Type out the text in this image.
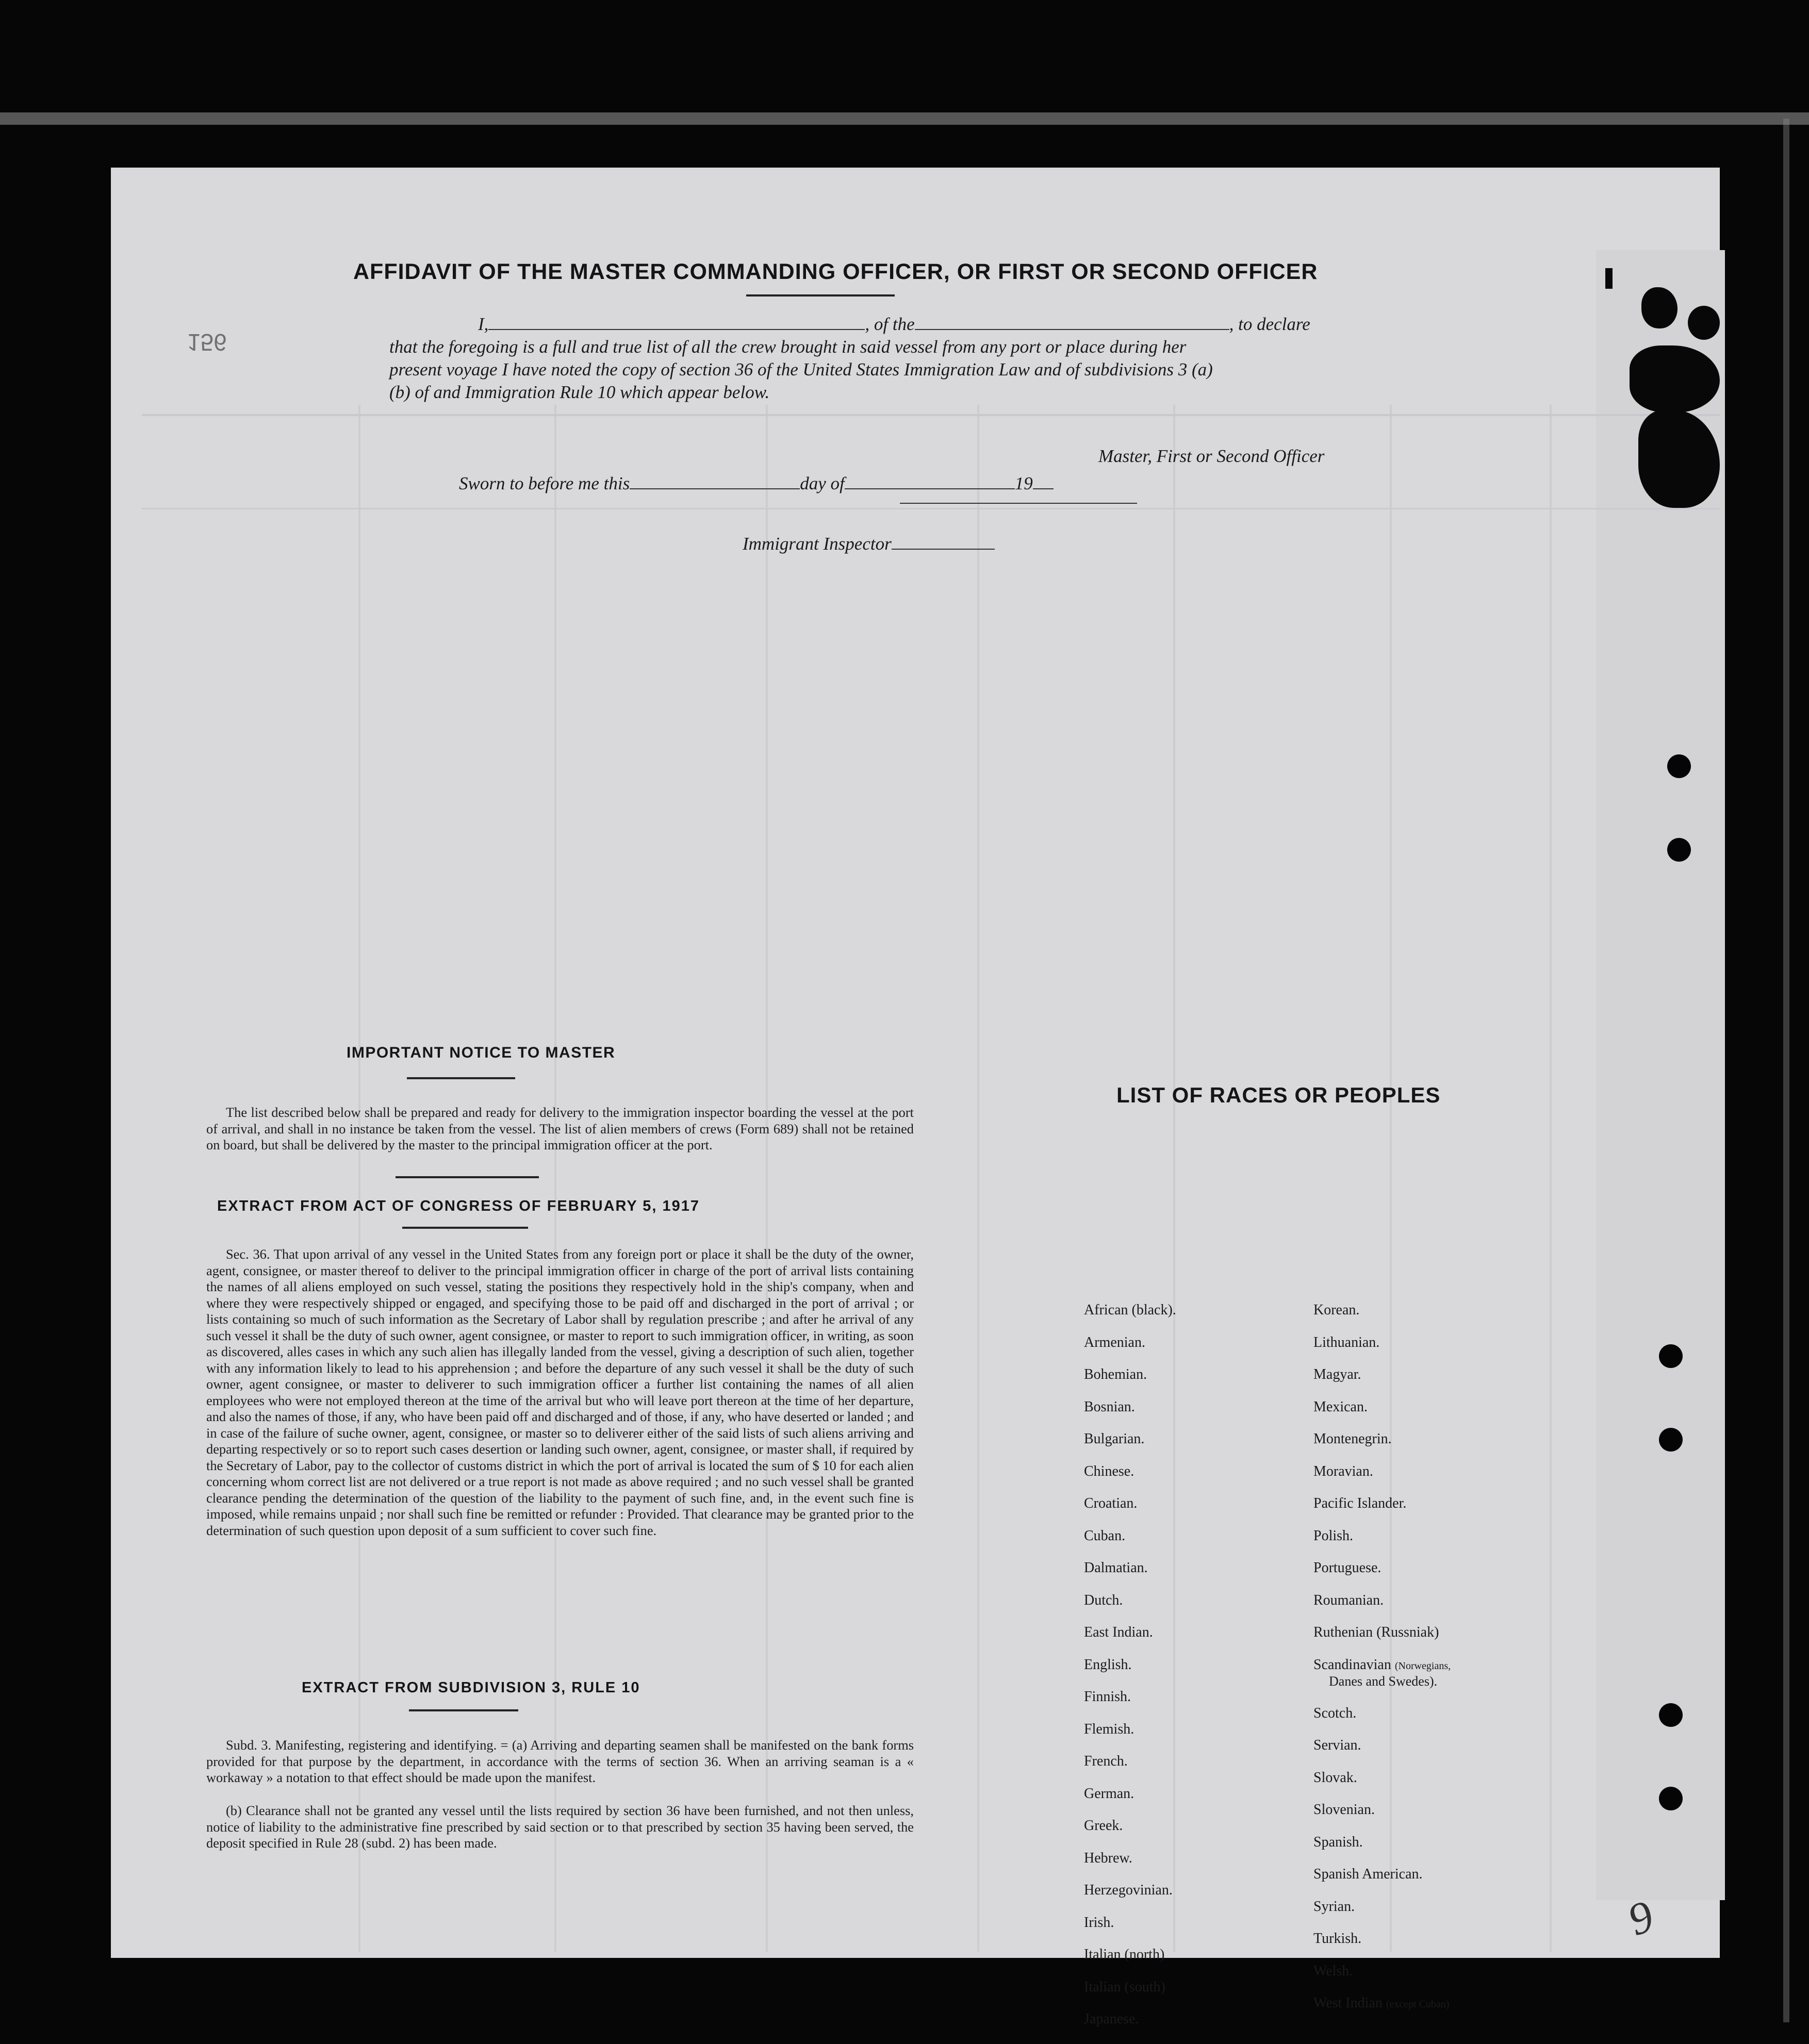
156
AFFIDAVIT OF THE MASTER COMMANDING OFFICER, OR FIRST OR SECOND OFFICER
I,	, of the	, to declare
that the foregoing is a full and true list of all the crew brought in said vessel from any port or place during her
present voyage I have noted the copy of section 36 of the United States Immigration Law and of subdivisions 3 (a)
(b) of and Immigration Rule 10 which appear below.
Master, First or Second Officer
Sworn to before me this	day of	19
Immigrant Inspector
IMPORTANT NOTICE TO MASTER
The list described below shall be prepared and ready for delivery to the immigration inspector boarding the vessel at the port of arrival, and shall in no instance be taken from the vessel. The list of alien members of crews (Form 689) shall not be retained on board, but shall be delivered by the master to the principal immigration officer at the port.
EXTRACT FROM ACT OF CONGRESS OF FEBRUARY 5, 1917
Sec. 36. That upon arrival of any vessel in the United States from any foreign port or place it shall be the duty of the owner, agent, consignee, or master thereof to deliver to the principal immigration officer in charge of the port of arrival lists containing the names of all aliens employed on such vessel, stating the positions they respectively hold in the ship's company, when and where they were respectively shipped or engaged, and specifying those to be paid off and discharged in the port of arrival ; or lists containing so much of such information as the Secretary of Labor shall by regulation prescribe ; and after he arrival of any such vessel it shall be the duty of such owner, agent consignee, or master to report to such immigration officer, in writing, as soon as discovered, alles cases in which any such alien has illegally landed from the vessel, giving a description of such alien, together with any information likely to lead to his apprehension ; and before the departure of any such vessel it shall be the duty of such owner, agent consignee, or master to deliverer to such immigration officer a further list containing the names of all alien employees who were not employed thereon at the time of the arrival but who will leave port thereon at the time of her departure, and also the names of those, if any, who have been paid off and discharged and of those, if any, who have deserted or landed ; and in case of the failure of suche owner, agent, consignee, or master so to deliverer either of the said lists of such aliens arriving and departing respectively or so to report such cases desertion or landing such owner, agent, consignee, or master shall, if required by the Secretary of Labor, pay to the collector of customs district in which the port of arrival is located the sum of $ 10 for each alien concerning whom correct list are not delivered or a true report is not made as above required ; and no such vessel shall be granted clearance pending the determination of the question of the liability to the payment of such fine, and, in the event such fine is imposed, while remains unpaid ; nor shall such fine be remitted or refunder : Provided. That clearance may be granted prior to the determination of such question upon deposit of a sum sufficient to cover such fine.
EXTRACT FROM SUBDIVISION 3, RULE 10
Subd. 3. Manifesting, registering and identifying. = (a) Arriving and departing seamen shall be manifested on the bank forms provided for that purpose by the department, in accordance with the terms of section 36. When an arriving seaman is a « workaway » a notation to that effect should be made upon the manifest.
(b) Clearance shall not be granted any vessel until the lists required by section 36 have been furnished, and not then unless, notice of liability to the administrative fine prescribed by said section or to that prescribed by section 35 having been served, the deposit specified in Rule 28 (subd. 2) has been made.
LIST OF RACES OR PEOPLES
African (black).
Armenian.
Bohemian.
Bosnian.
Bulgarian.
Chinese.
Croatian.
Cuban.
Dalmatian.
Dutch.
East Indian.
English.
Finnish.
Flemish.
French.
German.
Greek.
Hebrew.
Herzegovinian.
Irish.
Italian (north)
Italian (south)
Japanese.
Korean.
Lithuanian.
Magyar.
Mexican.
Montenegrin.
Moravian.
Pacific Islander.
Polish.
Portuguese.
Roumanian.
Ruthenian (Russniak)
Scandinavian (Norwegians,
Danes and Swedes).
Scotch.
Servian.
Slovak.
Slovenian.
Spanish.
Spanish American.
Syrian.
Turkish.
Welsh.
West Indian (except Cuban)
9
